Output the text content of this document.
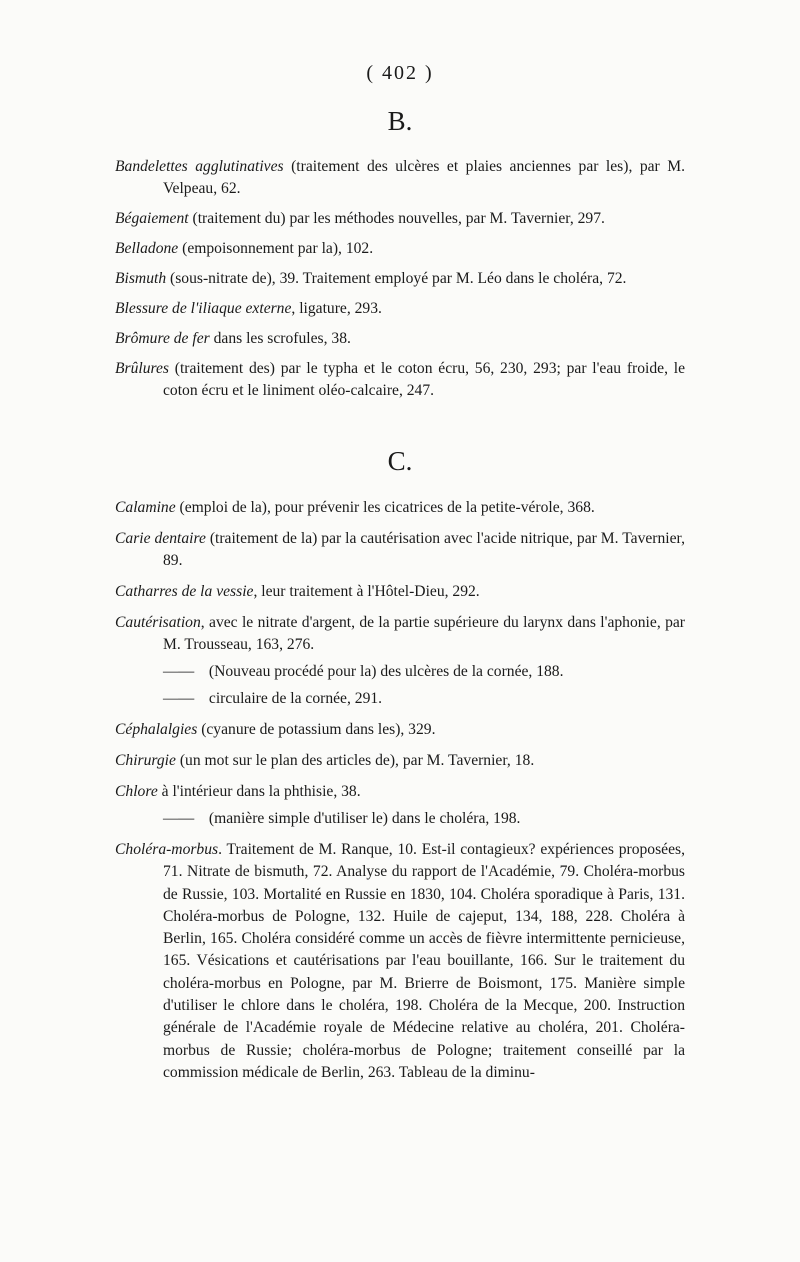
( 402 )
B.

Bandelettes agglutinatives (traitement des ulcères et plaies anciennes par les), par M. Velpeau, 62.

Bégaiement (traitement du) par les méthodes nouvelles, par M. Tavernier, 297.

Belladone (empoisonnement par la), 102.

Bismuth (sous-nitrate de), 39. Traitement employé par M. Léo dans le choléra, 72.

Blessure de l'iliaque externe, ligature, 293.

Brômure de fer dans les scrofules, 38.

Brûlures (traitement des) par le typha et le coton écru, 56, 230, 293; par l'eau froide, le coton écru et le liniment oléo-calcaire, 247.

C.

Calamine (emploi de la), pour prévenir les cicatrices de la petite-vérole, 368.

Carie dentaire (traitement de la) par la cautérisation avec l'acide nitrique, par M. Tavernier, 89.

Catharres de la vessie, leur traitement à l'Hôtel-Dieu, 292.

Cautérisation, avec le nitrate d'argent, de la partie supérieure du larynx dans l'aphonie, par M. Trousseau, 163, 276.

—— (Nouveau procédé pour la) des ulcères de la cornée, 188.

—— circulaire de la cornée, 291.

Céphalalgies (cyanure de potassium dans les), 329.

Chirurgie (un mot sur le plan des articles de), par M. Tavernier, 18.

Chlore à l'intérieur dans la phthisie, 38.

—— (manière simple d'utiliser le) dans le choléra, 198.

Choléra-morbus. Traitement de M. Ranque, 10. Est-il contagieux? expériences proposées, 71. Nitrate de bismuth, 72. Analyse du rapport de l'Académie, 79. Choléra-morbus de Russie, 103. Mortalité en Russie en 1830, 104. Choléra sporadique à Paris, 131. Choléra-morbus de Pologne, 132. Huile de cajeput, 134, 188, 228. Choléra à Berlin, 165. Choléra considéré comme un accès de fièvre intermittente pernicieuse, 165. Vésications et cautérisations par l'eau bouillante, 166. Sur le traitement du choléra-morbus en Pologne, par M. Brierre de Boismont, 175. Manière simple d'utiliser le chlore dans le choléra, 198. Choléra de la Mecque, 200. Instruction générale de l'Académie royale de Médecine relative au choléra, 201. Choléra-morbus de Russie; choléra-morbus de Pologne; traitement conseillé par la commission médicale de Berlin, 263. Tableau de la diminu-
